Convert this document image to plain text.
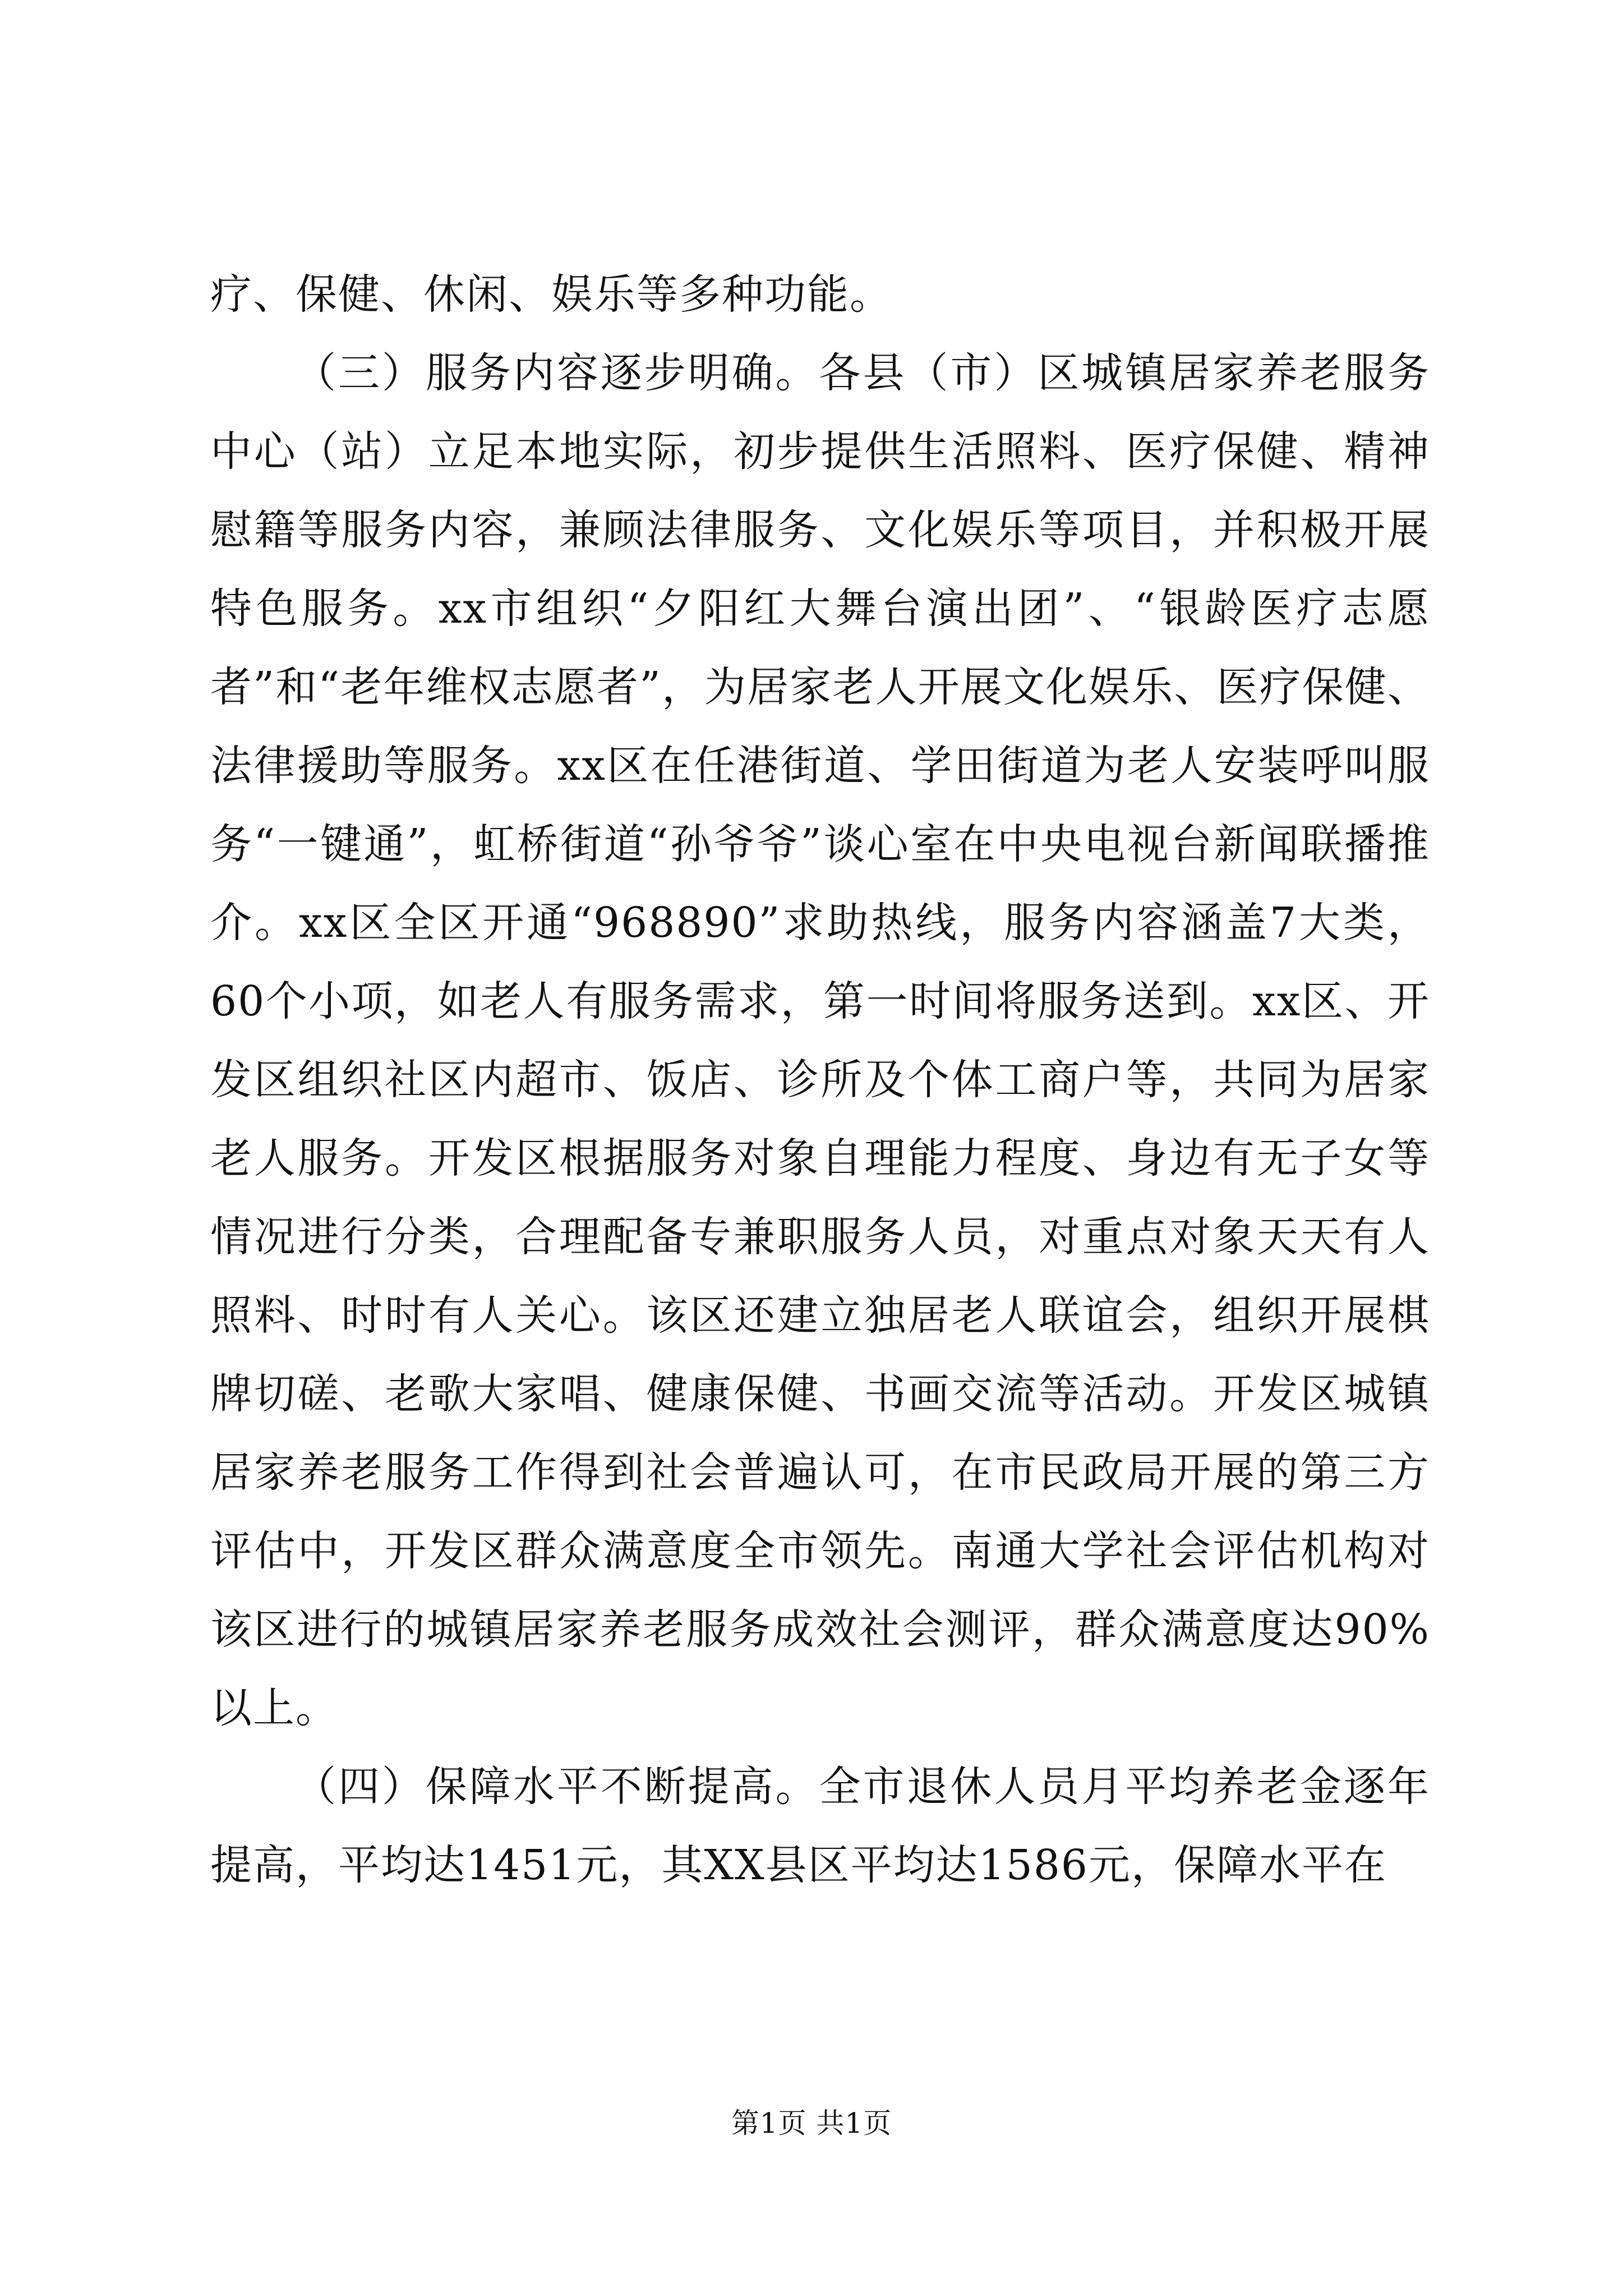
疗、保健、休闲、娱乐等多种功能。

（三）服务内容逐步明确。各县（市）区城镇居家养老服务中心（站）立足本地实际，初步提供生活照料、医疗保健、精神慰籍等服务内容，兼顾法律服务、文化娱乐等项目，并积极开展特色服务。xx市组织“夕阳红大舞台演出团”、“银龄医疗志愿者”和“老年维权志愿者”，为居家老人开展文化娱乐、医疗保健、法律援助等服务。xx区在任港街道、学田街道为老人安装呼叫服务“一键通”，虹桥街道“孙爷爷”谈心室在中央电视台新闻联播推介。xx区全区开通“968890”求助热线，服务内容涵盖7大类，60个小项，如老人有服务需求，第一时间将服务送到。xx区、开发区组织社区内超市、饭店、诊所及个体工商户等，共同为居家老人服务。开发区根据服务对象自理能力程度、身边有无子女等情况进行分类，合理配备专兼职服务人员，对重点对象天天有人照料、时时有人关心。该区还建立独居老人联谊会，组织开展棋牌切磋、老歌大家唱、健康保健、书画交流等活动。开发区城镇居家养老服务工作得到社会普遍认可，在市民政局开展的第三方评估中，开发区群众满意度全市领先。南通大学社会评估机构对该区进行的城镇居家养老服务成效社会测评，群众满意度达90%以上。

（四）保障水平不断提高。全市退休人员月平均养老金逐年提高，平均达1451元，其XX县区平均达1586元，保障水平在

第1页 共1页
